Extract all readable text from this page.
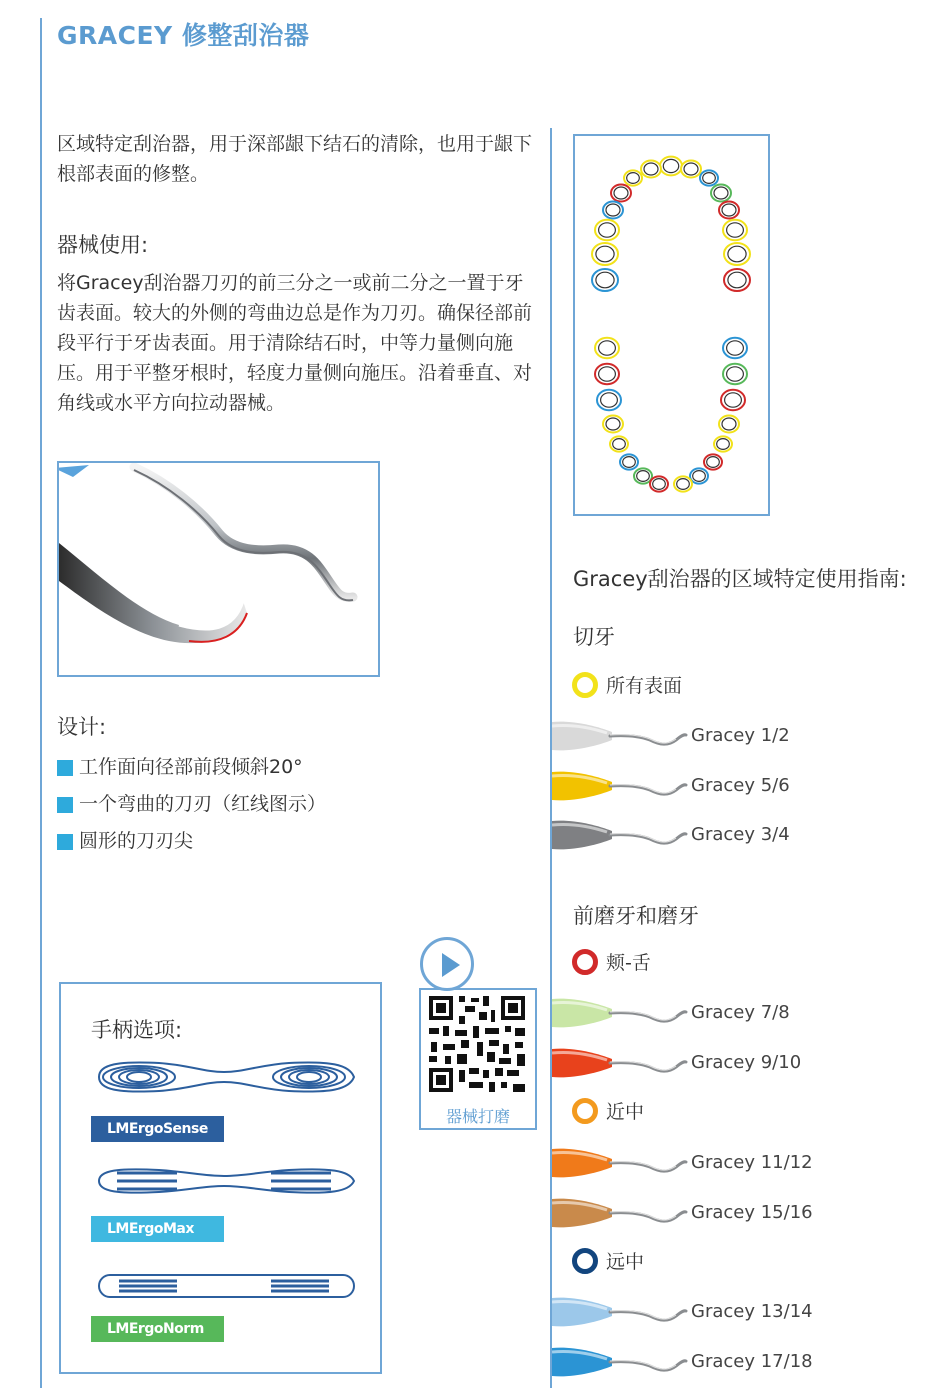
GRACEY 修整刮治器
区域特定刮治器，用于深部龈下结石的清除，也用于龈下根部表面的修整。
器械使用:
将Gracey刮治器刀刃的前三分之一或前二分之一置于牙齿表面。较大的外侧的弯曲边总是作为刀刃。确保径部前段平行于牙齿表面。用于清除结石时，中等力量侧向施压。用于平整牙根时，轻度力量侧向施压。沿着垂直、对角线或水平方向拉动器械。
设计:
工作面向径部前段倾斜20°
一个弯曲的刀刃（红线图示）
圆形的刀刃尖
手柄选项:
LMErgoSense
LMErgoMax
LMErgoNorm
器械打磨
Gracey刮治器的区域特定使用指南:
切牙
所有表面
Gracey 1/2
Gracey 5/6
Gracey 3/4
前磨牙和磨牙
颊-舌
Gracey 7/8
Gracey 9/10
近中
Gracey 11/12
Gracey 15/16
远中
Gracey 13/14
Gracey 17/18
